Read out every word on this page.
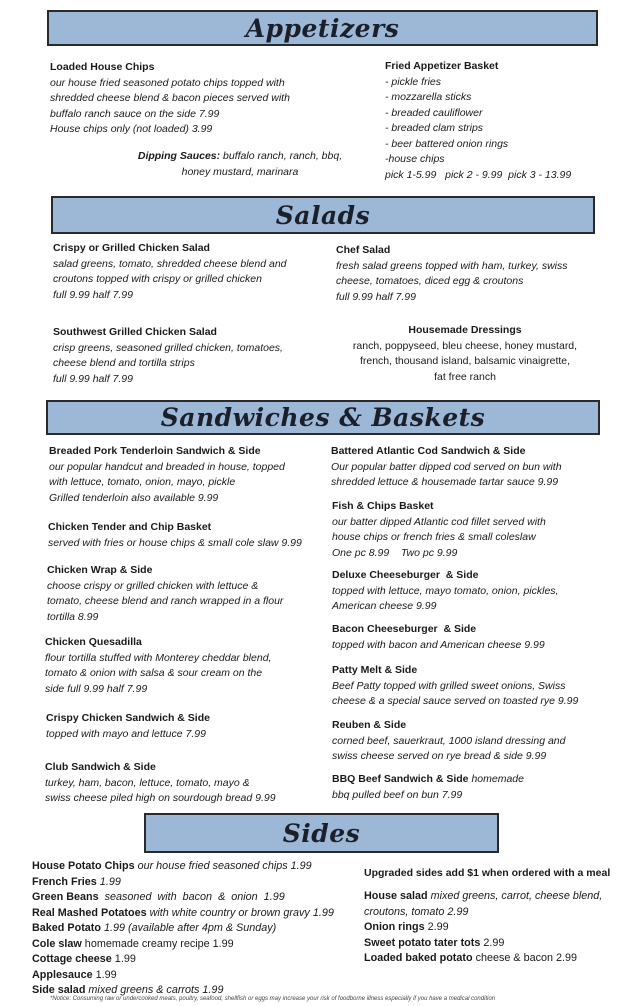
Appetizers
Loaded House Chips
our house fried seasoned potato chips topped with
shredded cheese blend & bacon pieces served with
buffalo ranch sauce on the side 7.99
House chips only (not loaded) 3.99
Dipping Sauces: buffalo ranch, ranch, bbq,
honey mustard, marinara
Fried Appetizer Basket
- pickle fries
- mozzarella sticks
- breaded cauliflower
- breaded clam strips
- beer battered onion rings
-house chips
pick 1-5.99   pick 2 - 9.99  pick 3 - 13.99
Salads
Crispy or Grilled Chicken Salad
salad greens, tomato, shredded cheese blend and
croutons topped with crispy or grilled chicken
full 9.99 half 7.99
Chef Salad
fresh salad greens topped with ham, turkey, swiss
cheese, tomatoes, diced egg & croutons
full 9.99 half 7.99
Southwest Grilled Chicken Salad
crisp greens, seasoned grilled chicken, tomatoes,
cheese blend and tortilla strips
full 9.99 half 7.99
Housemade Dressings
ranch, poppyseed, bleu cheese, honey mustard,
french, thousand island, balsamic vinaigrette,
fat free ranch
Sandwiches & Baskets
Breaded Pork Tenderloin Sandwich & Side
our popular handcut and breaded in house, topped
with lettuce, tomato, onion, mayo, pickle
Grilled tenderloin also available 9.99
Chicken Tender and Chip Basket
served with fries or house chips & small cole slaw 9.99
Chicken Wrap & Side
choose crispy or grilled chicken with lettuce &
tomato, cheese blend and ranch wrapped in a flour
tortilla 8.99
Chicken Quesadilla
flour tortilla stuffed with Monterey cheddar blend,
tomato & onion with salsa & sour cream on the
side full 9.99 half 7.99
Crispy Chicken Sandwich & Side
topped with mayo and lettuce 7.99
Club Sandwich & Side
turkey, ham, bacon, lettuce, tomato, mayo &
swiss cheese piled high on sourdough bread 9.99
Battered Atlantic Cod Sandwich & Side
Our popular batter dipped cod served on bun with
shredded lettuce & housemade tartar sauce 9.99
Fish & Chips Basket
our batter dipped Atlantic cod fillet served with
house chips or french fries & small coleslaw
One pc 8.99    Two pc 9.99
Deluxe Cheeseburger  & Side
topped with lettuce, mayo tomato, onion, pickles,
American cheese 9.99
Bacon Cheeseburger  & Side
topped with bacon and American cheese 9.99
Patty Melt & Side
Beef Patty topped with grilled sweet onions, Swiss
cheese & a special sauce served on toasted rye 9.99
Reuben & Side
corned beef, sauerkraut, 1000 island dressing and
swiss cheese served on rye bread & side 9.99
BBQ Beef Sandwich & Side homemade
bbq pulled beef on bun 7.99
Sides
House Potato Chips our house fried seasoned chips 1.99
French Fries 1.99
Green Beans  seasoned  with  bacon  &  onion  1.99
Real Mashed Potatoes with white country or brown gravy 1.99
Baked Potato 1.99 (available after 4pm & Sunday)
Cole slaw homemade creamy recipe 1.99
Cottage cheese 1.99
Applesauce 1.99
Side salad mixed greens & carrots 1.99
Upgraded sides add $1 when ordered with a meal
House salad mixed greens, carrot, cheese blend,
croutons, tomato 2.99
Onion rings 2.99
Sweet potato tater tots 2.99
Loaded baked potato cheese & bacon 2.99
*Notice: Consuming raw or undercooked meats, poultry, seafood, shellfish or eggs may increase your risk of foodborne illness especially if you have a medical condition
